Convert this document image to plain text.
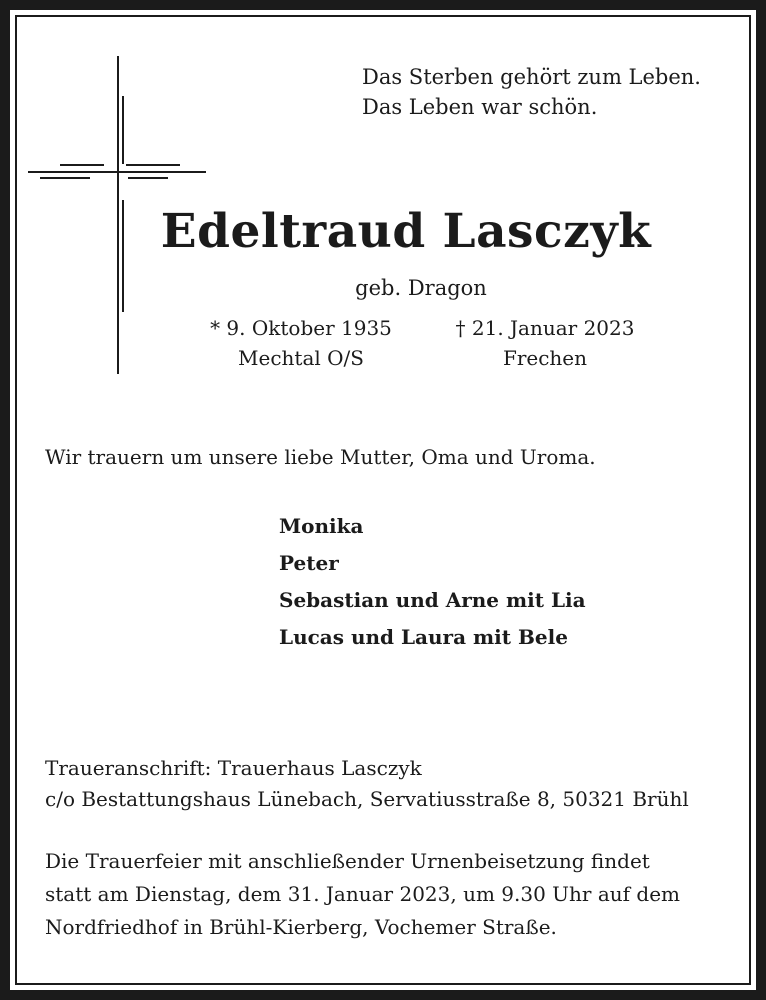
Das Sterben gehört zum Leben.
Das Leben war schön.
Edeltraud Lasczyk
geb. Dragon
* 9. Oktober 1935
Mechtal O/S
† 21. Januar 2023
Frechen
Wir trauern um unsere liebe Mutter, Oma und Uroma.
Monika
Peter
Sebastian und Arne mit Lia
Lucas und Laura mit Bele
Traueranschrift: Trauerhaus Lasczyk
c/o Bestattungshaus Lünebach, Servatiusstraße 8, 50321 Brühl
Die Trauerfeier mit anschließender Urnenbeisetzung findet
statt am Dienstag, dem 31. Januar 2023, um 9.30 Uhr auf dem
Nordfriedhof in Brühl-Kierberg, Vochemer Straße.
